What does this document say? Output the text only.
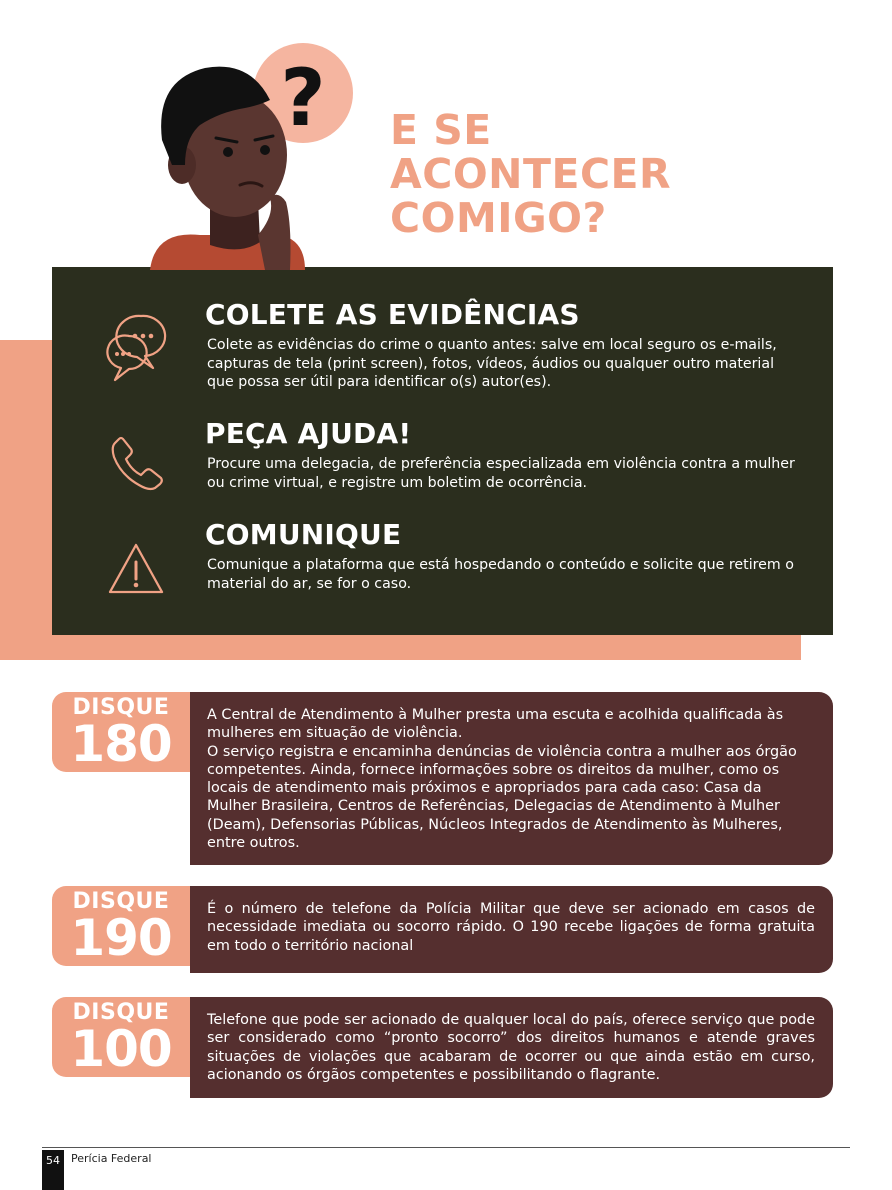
? E SE
ACONTECER
COMIGO?
COLETE AS EVIDÊNCIAS

Colete as evidências do crime o quanto antes: salve em local seguro os e-mails, capturas de tela (print screen), fotos, vídeos, áudios ou qualquer outro material que possa ser útil para identificar o(s) autor(es).

PEÇA AJUDA!

Procure uma delegacia, de preferência especializada em violência contra a mulher ou crime virtual, e registre um boletim de ocorrência.

COMUNIQUE

Comunique a plataforma que está hospedando o conteúdo e solicite que retirem o material do ar, se for o caso.

DISQUE
180	A Central de Atendimento à Mulher presta uma escuta e acolhida qualificada às mulheres em situação de violência.
O serviço registra e encaminha denúncias de violência contra a mulher aos órgão competentes. Ainda, fornece informações sobre os direitos da mulher, como os locais de atendimento mais próximos e apropriados para cada caso: Casa da Mulher Brasileira, Centros de Referências, Delegacias de Atendimento à Mulher (Deam), Defensorias Públicas, Núcleos Integrados de Atendimento às Mulheres, entre outros.
DISQUE
190	É o número de telefone da Polícia Militar que deve ser acionado em casos de necessidade imediata ou socorro rápido. O 190 recebe ligações de forma gratuita em todo o território nacional
DISQUE
100	Telefone que pode ser acionado de qualquer local do país, oferece serviço que pode ser considerado como “pronto socorro” dos direitos humanos e atende graves situações de violações que acabaram de ocorrer ou que ainda estão em curso, acionando os órgãos competentes e possibilitando o flagrante.
54	Perícia Federal
